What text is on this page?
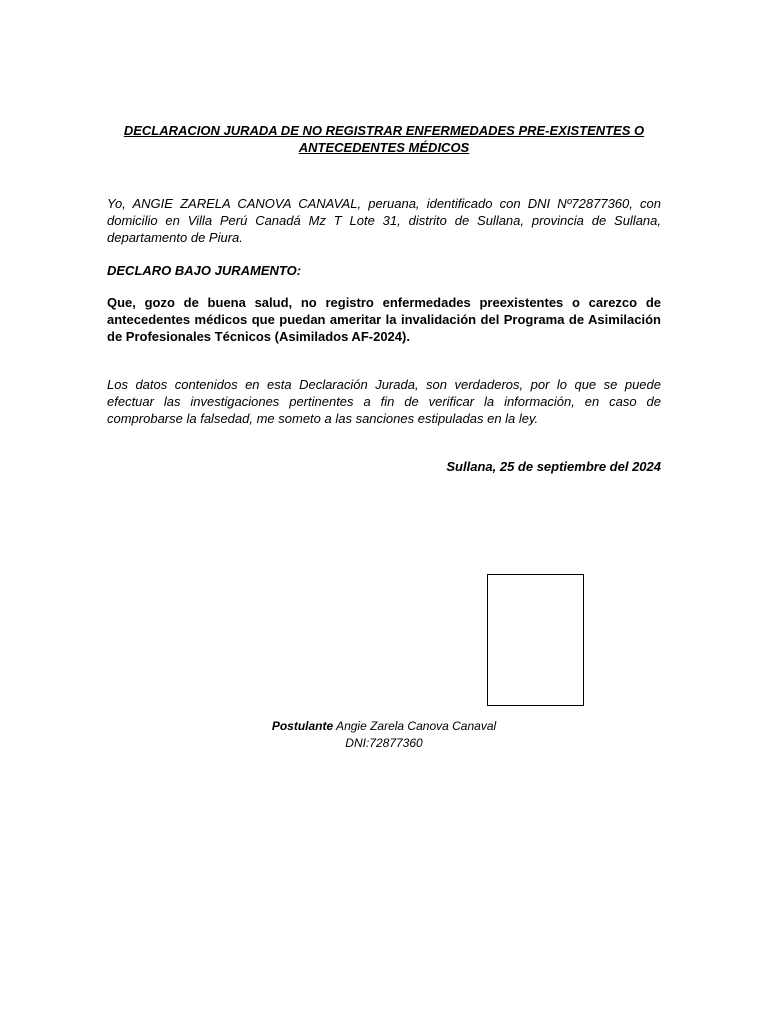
DECLARACION JURADA DE NO REGISTRAR ENFERMEDADES PRE-EXISTENTES O ANTECEDENTES MÉDICOS
Yo, ANGIE ZARELA CANOVA CANAVAL, peruana, identificado con DNI Nº72877360, con domicilio en Villa Perú Canadá Mz T Lote 31, distrito de Sullana, provincia de Sullana, departamento de Piura.
DECLARO BAJO JURAMENTO:
Que, gozo de buena salud, no registro enfermedades preexistentes o carezco de antecedentes médicos que puedan ameritar la invalidación del Programa de Asimilación de Profesionales Técnicos (Asimilados AF-2024).
Los datos contenidos en esta Declaración Jurada, son verdaderos, por lo que se puede efectuar las investigaciones pertinentes a fin de verificar la información, en caso de comprobarse la falsedad, me someto a las sanciones estipuladas en la ley.
Sullana, 25 de septiembre del 2024
Postulante Angie Zarela Canova Canaval
DNI:72877360
